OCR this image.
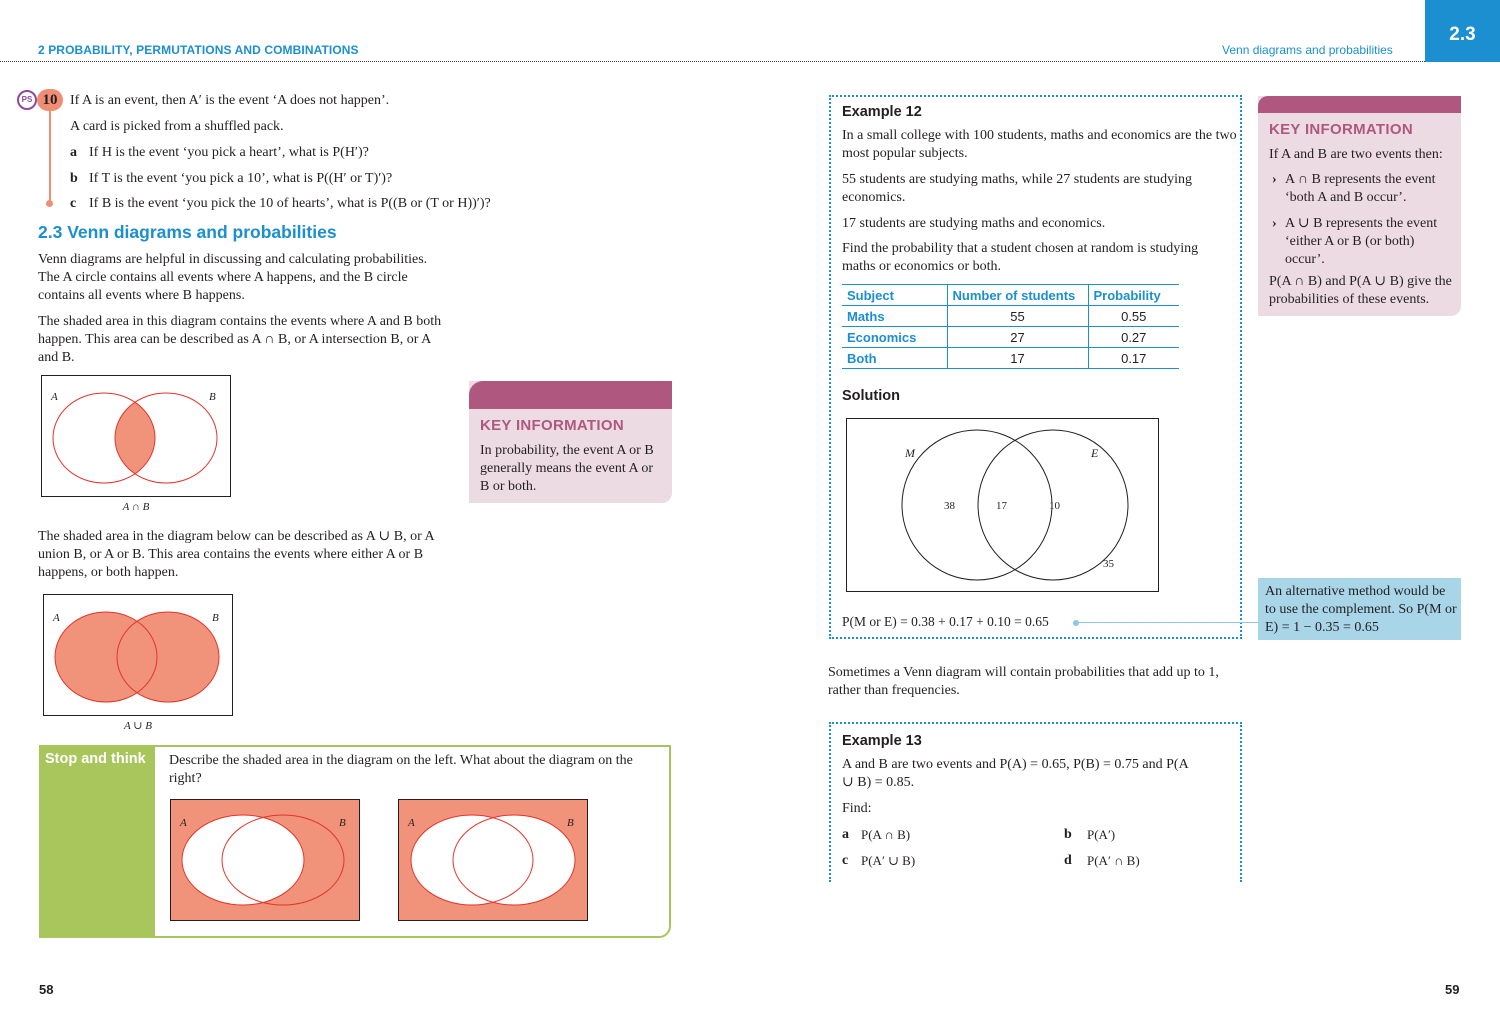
2 PROBABILITY, PERMUTATIONS AND COMBINATIONS	Venn diagrams and probabilities
2.3
PS 10 If A is an event, then A′ is the event ‘A does not happen’.
A card is picked from a shuffled pack.
a If H is the event ‘you pick a heart’, what is P(H′)?
b If T is the event ‘you pick a 10’, what is P((H′ or T)′)?
c If B is the event ‘you pick the 10 of hearts’, what is P((B or (T or H))′)?
2.3 Venn diagrams and probabilities
Venn diagrams are helpful in discussing and calculating probabilities. The A circle contains all events where A happens, and the B circle contains all events where B happens.
The shaded area in this diagram contains the events where A and B both happen. This area can be described as A ∩ B, or A intersection B, or A and B.
A	B
A ∩ B
KEY INFORMATION
In probability, the event A or B generally means the event A or B or both.
The shaded area in the diagram below can be described as A ∪ B, or A union B, or A or B. This area contains the events where either A or B happens, or both happen.
A	B
A ∪ B
Stop and think Describe the shaded area in the diagram on the left. What about the diagram on the right?
A	B	A	B
Example 12
In a small college with 100 students, maths and economics are the two most popular subjects.
55 students are studying maths, while 27 students are studying economics.
17 students are studying maths and economics.
Find the probability that a student chosen at random is studying maths or economics or both.
Subject	Number of students	Probability
Maths	55	0.55
Economics	27	0.27
Both	17	0.17
Solution
M	E
38	17	10
35
P(M or E) = 0.38 + 0.17 + 0.10 = 0.65
An alternative method would be to use the complement. So P(M or E) = 1 − 0.35 = 0.65
Sometimes a Venn diagram will contain probabilities that add up to 1, rather than frequencies.
Example 13
A and B are two events and P(A) = 0.65, P(B) = 0.75 and P(A ∪ B) = 0.85.
Find:
a P(A ∩ B)	b P(A′)
c P(A′ ∪ B)	d P(A′ ∩ B)
KEY INFORMATION
If A and B are two events then:
› A ∩ B represents the event ‘both A and B occur’.
› A ∪ B represents the event ‘either A or B (or both) occur’.
P(A ∩ B) and P(A ∪ B) give the probabilities of these events.
58	59
